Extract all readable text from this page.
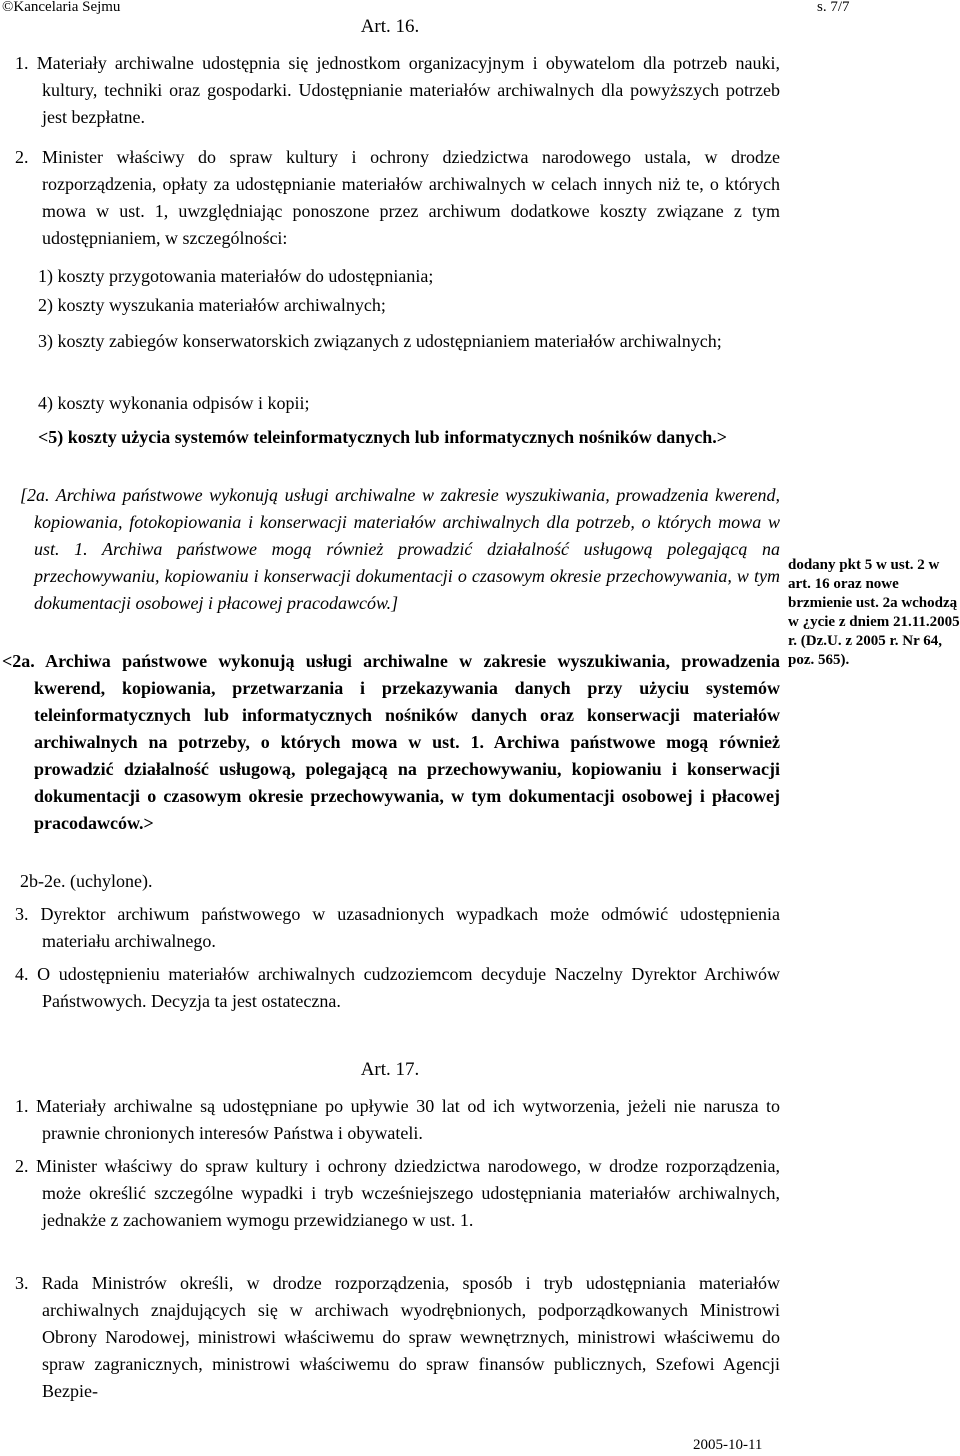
©Kancelaria Sejmu	s. 7/7
Art. 16.

1. Materiały archiwalne udostępnia się jednostkom organizacyjnym i obywatelom dla potrzeb nauki, kultury, techniki oraz gospodarki. Udostępnianie materiałów archiwalnych dla powyższych potrzeb jest bezpłatne.

2. Minister właściwy do spraw kultury i ochrony dziedzictwa narodowego ustala, w drodze rozporządzenia, opłaty za udostępnianie materiałów archiwalnych w celach innych niż te, o których mowa w ust. 1, uwzględniając ponoszone przez archiwum dodatkowe koszty związane z tym udostępnianiem, w szczególności:

1) koszty przygotowania materiałów do udostępniania;

2) koszty wyszukania materiałów archiwalnych;

3) koszty zabiegów konserwatorskich związanych z udostępnianiem materiałów archiwalnych;

4) koszty wykonania odpisów i kopii;

<5) koszty użycia systemów teleinformatycznych lub informatycznych nośników danych.>

[2a. Archiwa państwowe wykonują usługi archiwalne w zakresie wyszukiwania, prowadzenia kwerend, kopiowania, fotokopiowania i konserwacji materiałów archiwalnych dla potrzeb, o których mowa w ust. 1. Archiwa państwowe mogą również prowadzić działalność usługową polegającą na przechowywaniu, kopiowaniu i konserwacji dokumentacji o czasowym okresie przechowywania, w tym dokumentacji osobowej i płacowej pracodawców.]

dodany pkt 5 w ust. 2 w art. 16 oraz nowe brzmienie ust. 2a wchodzą w ¿ycie z dniem 21.11.2005 r. (Dz.U. z 2005 r. Nr 64, poz. 565).

<2a. Archiwa państwowe wykonują usługi archiwalne w zakresie wyszukiwania, prowadzenia kwerend, kopiowania, przetwarzania i przekazywania danych przy użyciu systemów teleinformatycznych lub informatycznych nośników danych oraz konserwacji materiałów archiwalnych na potrzeby, o których mowa w ust. 1. Archiwa państwowe mogą również prowadzić działalność usługową, polegającą na przechowywaniu, kopiowaniu i konserwacji dokumentacji o czasowym okresie przechowywania, w tym dokumentacji osobowej i płacowej pracodawców.>

2b-2e. (uchylone).

3. Dyrektor archiwum państwowego w uzasadnionych wypadkach może odmówić udostępnienia materiału archiwalnego.

4. O udostępnieniu materiałów archiwalnych cudzoziemcom decyduje Naczelny Dyrektor Archiwów Państwowych. Decyzja ta jest ostateczna.

Art. 17.

1. Materiały archiwalne są udostępniane po upływie 30 lat od ich wytworzenia, jeżeli nie narusza to prawnie chronionych interesów Państwa i obywateli.

2. Minister właściwy do spraw kultury i ochrony dziedzictwa narodowego, w drodze rozporządzenia, może określić szczególne wypadki i tryb wcześniejszego udostępniania materiałów archiwalnych, jednakże z zachowaniem wymogu przewidzianego w ust. 1.

3. Rada Ministrów określi, w drodze rozporządzenia, sposób i tryb udostępniania materiałów archiwalnych znajdujących się w archiwach wyodrębnionych, podporządkowanych Ministrowi Obrony Narodowej, ministrowi właściwemu do spraw wewnętrznych, ministrowi właściwemu do spraw zagranicznych, ministrowi właściwemu do spraw finansów publicznych, Szefowi Agencji Bezpie-

2005-10-11
